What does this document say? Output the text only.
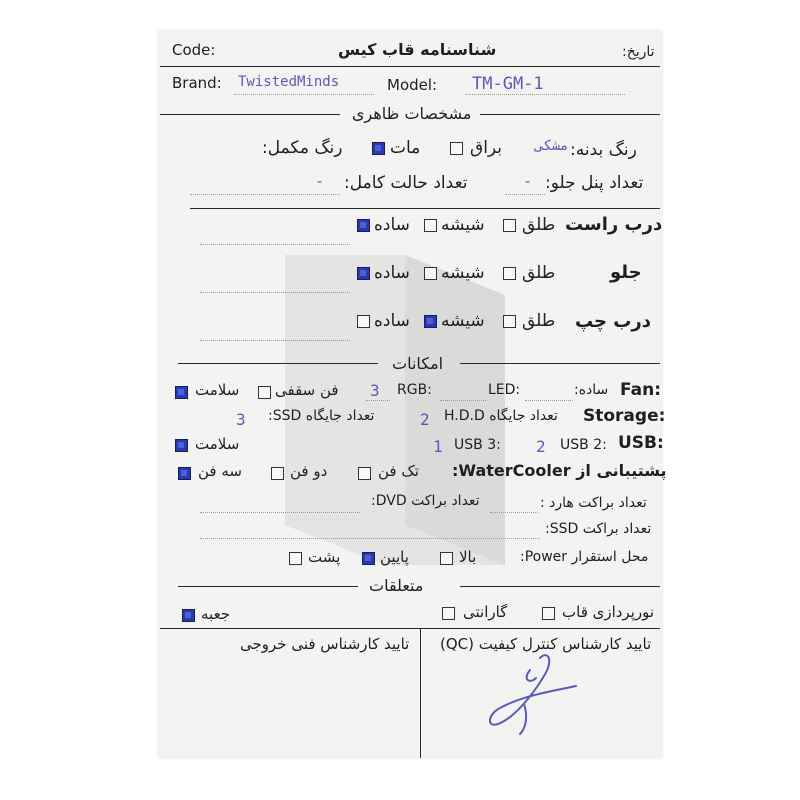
Code:	شناسنامه قاب کیس	تاریخ:
Brand: TwistedMinds	Model: TM-GM-1
مشخصات ظاهری
رنگ مکمل:	مات	براق مشکی رنگ بدنه:
- تعداد حالت کامل:	- تعداد پنل جلو:
ساده شیشه طلق درب راست
ساده شیشه طلق	جلو
ساده شیشه طلق درب چپ
امکانات
سلامت فن سقفی 3 RGB:	LED:	ساده: Fan:
3 تعداد جایگاه SSD:	2 تعداد جایگاه H.D.D Storage:
سلامت	1 USB 3: 2 USB 2: USB:
سه فن	دو فن	تک فن پشتیبانی از WaterCooler:
تعداد براکت DVD:	تعداد براکت هارد :
تعداد براکت SSD:
پشت	پایین	بالا	محل استقرار Power:
متعلقات
جعبه	گارانتی	نورپردازی قاب
تایید کارشناس فنی خروجی تایید کارشناس کنترل کیفیت (QC)
